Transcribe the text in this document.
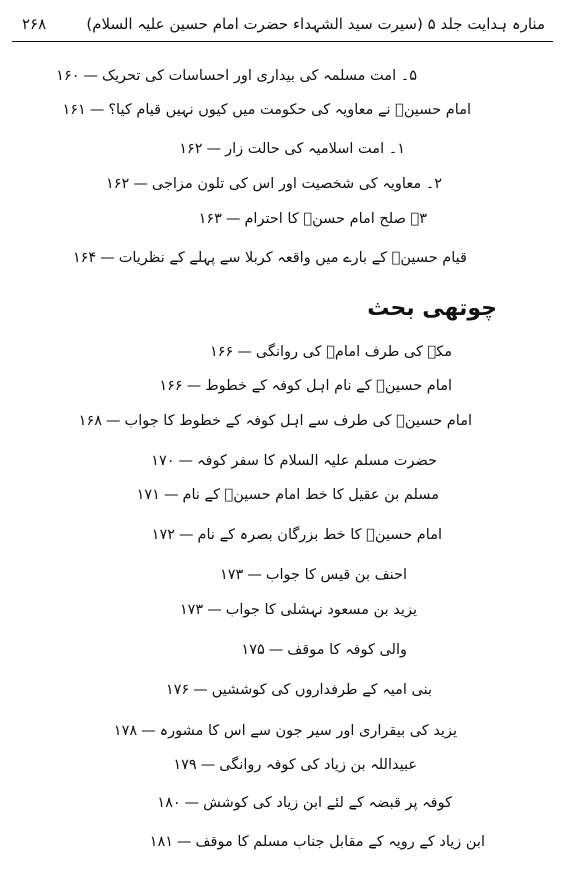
منارہ ہدایت جلد ۵ (سیرت سید الشہداء حضرت امام حسین علیہ السلام)
۲۶۸
چوتھی بحث
۵۔ امت مسلمہ کی بیداری اور احساسات کی تحریک—۱۶۰
امام حسینؑ نے معاویہ کی حکومت میں کیوں نہیں قیام کیا؟—۱۶۱
۱۔ امت اسلامیہ کی حالت زار—۱۶۲
۲۔ معاویہ کی شخصیت اور اس کی تلون مزاجی—۱۶۲
۳۔ صلح امام حسنؑ کا احترام—۱۶۳
قیام حسینؑ کے بارے میں واقعہ کربلا سے پہلے کے نظریات—۱۶۴
مکہ کی طرف امامؑ کی روانگی—۱۶۶
امام حسینؑ کے نام اہل کوفہ کے خطوط—۱۶۶
امام حسینؑ کی طرف سے اہل کوفہ کے خطوط کا جواب—۱۶۸
حضرت مسلم علیہ السلام کا سفر کوفہ—۱۷۰
مسلم بن عقیل کا خط امام حسینؑ کے نام—۱۷۱
امام حسینؑ کا خط بزرگان بصرہ کے نام—۱۷۲
احنف بن قیس کا جواب—۱۷۳
یزید بن مسعود نہشلی کا جواب—۱۷۳
والی کوفہ کا موقف—۱۷۵
بنی امیہ کے طرفداروں کی کوششیں—۱۷۶
یزید کی بیقراری اور سیر جون سے اس کا مشورہ—۱۷۸
عبیداللہ بن زیاد کی کوفہ روانگی—۱۷۹
کوفہ پر قبضہ کے لئے ابن زیاد کی کوشش—۱۸۰
ابن زیاد کے رویہ کے مقابل جناب مسلم کا موقف—۱۸۱
